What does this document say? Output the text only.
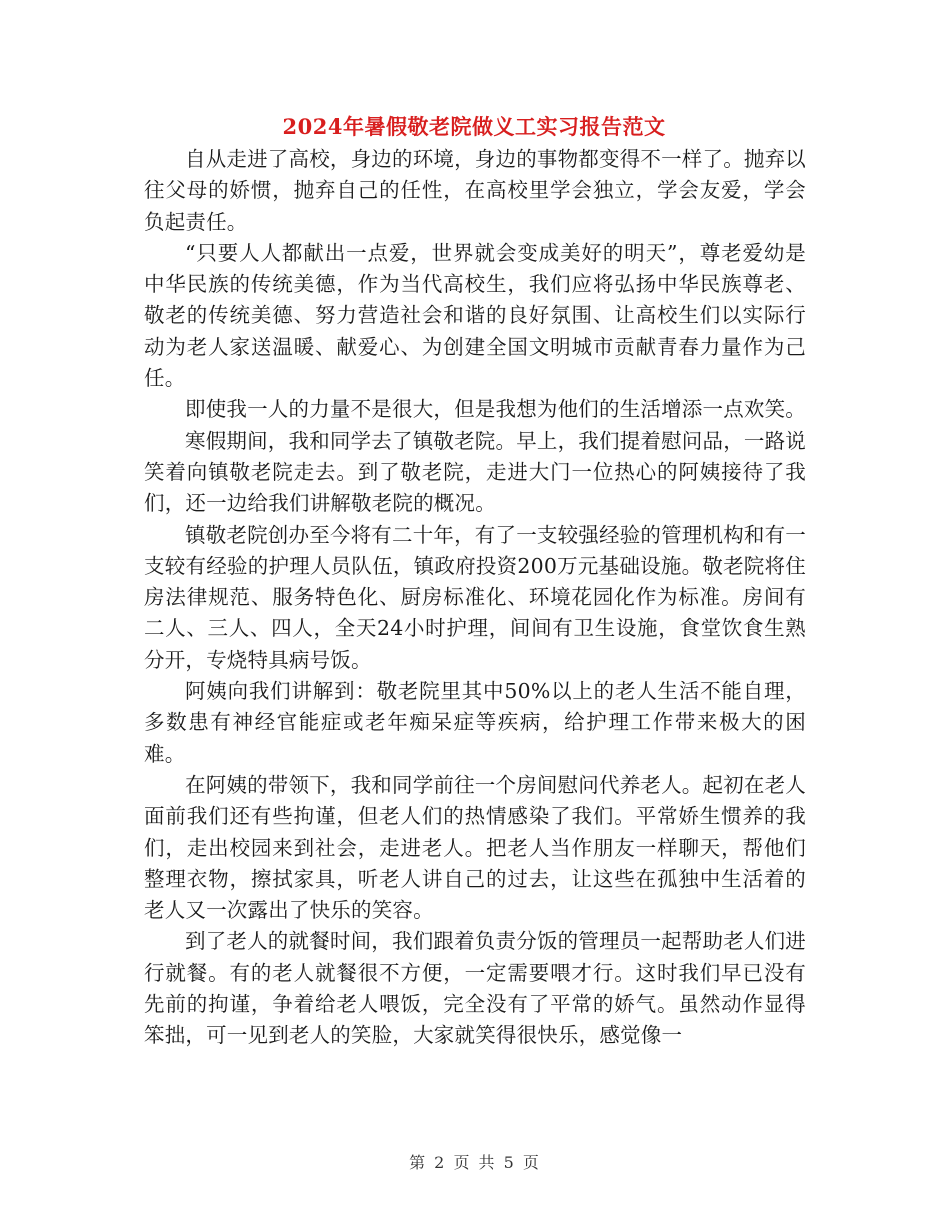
2024年暑假敬老院做义工实习报告范文

自从走进了高校，身边的环境，身边的事物都变得不一样了。抛弃以往父母的娇惯，抛弃自己的任性，在高校里学会独立，学会友爱，学会负起责任。

“只要人人都献出一点爱，世界就会变成美好的明天”，尊老爱幼是中华民族的传统美德，作为当代高校生，我们应将弘扬中华民族尊老、敬老的传统美德、努力营造社会和谐的良好氛围、让高校生们以实际行动为老人家送温暖、献爱心、为创建全国文明城市贡献青春力量作为己任。

即使我一人的力量不是很大，但是我想为他们的生活增添一点欢笑。

寒假期间，我和同学去了镇敬老院。早上，我们提着慰问品，一路说笑着向镇敬老院走去。到了敬老院，走进大门一位热心的阿姨接待了我们，还一边给我们讲解敬老院的概况。

镇敬老院创办至今将有二十年，有了一支较强经验的管理机构和有一支较有经验的护理人员队伍，镇政府投资200万元基础设施。敬老院将住房法律规范、服务特色化、厨房标准化、环境花园化作为标准。房间有二人、三人、四人，全天24小时护理，间间有卫生设施，食堂饮食生熟分开，专烧特具病号饭。

阿姨向我们讲解到：敬老院里其中50%以上的老人生活不能自理，多数患有神经官能症或老年痴呆症等疾病，给护理工作带来极大的困难。

在阿姨的带领下，我和同学前往一个房间慰问代养老人。起初在老人面前我们还有些拘谨，但老人们的热情感染了我们。平常娇生惯养的我们，走出校园来到社会，走进老人。把老人当作朋友一样聊天，帮他们整理衣物，擦拭家具，听老人讲自己的过去，让这些在孤独中生活着的老人又一次露出了快乐的笑容。

到了老人的就餐时间，我们跟着负责分饭的管理员一起帮助老人们进行就餐。有的老人就餐很不方便，一定需要喂才行。这时我们早已没有先前的拘谨，争着给老人喂饭，完全没有了平常的娇气。虽然动作显得笨拙，可一见到老人的笑脸，大家就笑得很快乐，感觉像一

第 2 页 共 5 页
